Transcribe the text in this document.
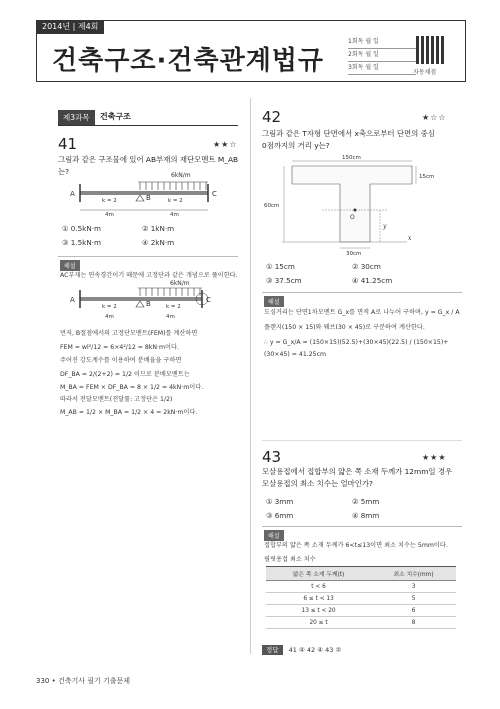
2014년 | 제4회
건축구조·건축관계법규
1회독 월 일
2회독 월 일
3회독 월 일
자동채점
제3과목	건축구조
41	★★☆
그림과 같은 구조물에 있어 AB부재의 재단모멘트 M_AB는?	6kN/m
A	B	C
k = 2	k = 2
4m	4m
① 0.5kN·m	② 1kN·m
③ 1.5kN·m	④ 2kN·m
해설
AC부재는 연속경간이기 때문에 고정단과 같은 개념으로 풀이한다.
6kN/m
A	B	C
k = 2	k = 2
4m	4m
먼저, B절점에서의 고정단모멘트(FEM)를 계산하면
FEM = wl²/12 = 6×4²/12 = 8kN·m이다.
주어진 강도계수를 이용하여 분배율을 구하면
DF_BA = 2/(2+2) = 1/2 이므로 분배모멘트는
M_BA = FEM × DF_BA = 8 × 1/2 = 4kN·m이다.
따라서 전달모멘트(전달률: 고정단은 1/2)
M_AB = 1/2 × M_BA = 1/2 × 4 = 2kN·m이다.
42	★☆☆
그림과 같은 T자형 단면에서 x축으로부터 단면의 중심
0점까지의 거리 y는?
150cm
15cm
60cm
30cm
O
y
x
① 15cm	② 30cm
③ 37.5cm	④ 41.25cm
해설
도심거리는 단면1차모멘트 G_x를 면적 A로 나누어 구하며, y = G_x / A
플랜지(150 × 15)와 웨브(30 × 45)로 구분하여 계산한다.
∴ y = G_x/A = (150×15)(52.5)+(30×45)(22.5) / (150×15)+(30×45) = 41.25cm
43	★★★
모살용접에서 접합부의 얇은 쪽 소재 두께가 12mm일 경우
모살용접의 최소 치수는 얼마인가?
① 3mm	② 5mm
③ 6mm	④ 8mm
해설
접합부의 얇은 쪽 소재 두께가 6<t≤13이면 최소 치수는 5mm이다.
필릿용접 최소 치수
얇은 쪽 소재 두께(t)	최소 치수(mm)
t < 6	3
6 ≤ t < 13	5
13 ≤ t < 20	6
20 ≤ t	8
정답 41 ④ 42 ④ 43 ②
330 • 건축기사 필기 기출문제
